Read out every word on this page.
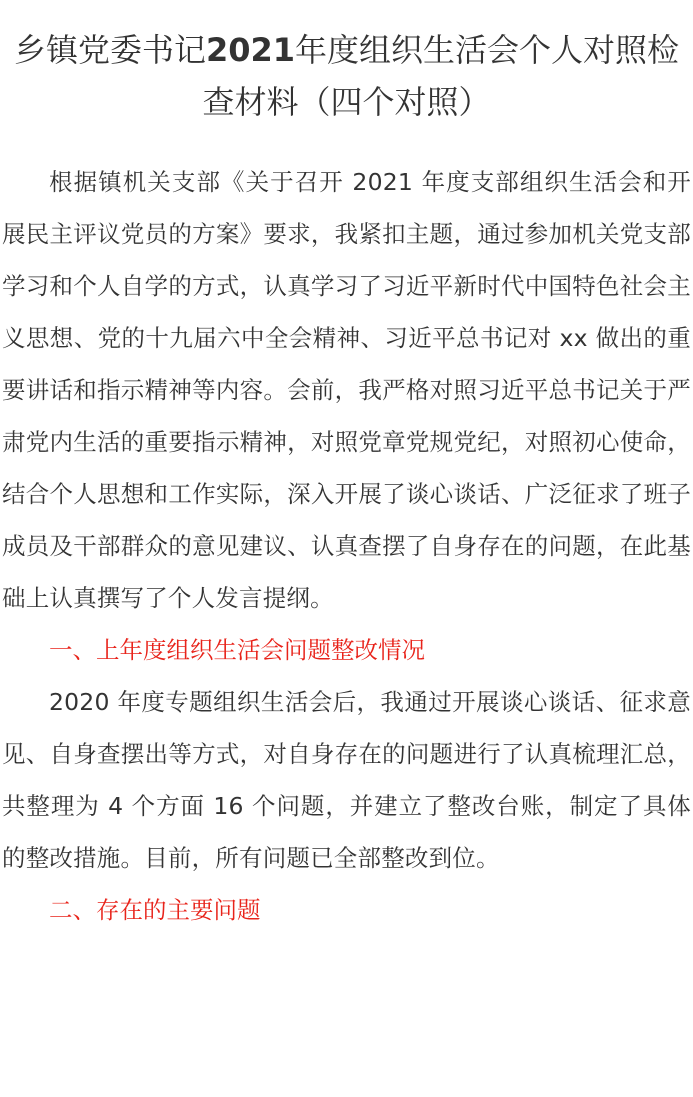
乡镇党委书记2021年度组织生活会个人对照检查材料（四个对照）

根据镇机关支部《关于召开 2021 年度支部组织生活会和开展民主评议党员的方案》要求，我紧扣主题，通过参加机关党支部学习和个人自学的方式，认真学习了习近平新时代中国特色社会主义思想、党的十九届六中全会精神、习近平总书记对 xx 做出的重要讲话和指示精神等内容。会前，我严格对照习近平总书记关于严肃党内生活的重要指示精神，对照党章党规党纪，对照初心使命，结合个人思想和工作实际，深入开展了谈心谈话、广泛征求了班子成员及干部群众的意见建议、认真查摆了自身存在的问题，在此基础上认真撰写了个人发言提纲。

一、上年度组织生活会问题整改情况

2020 年度专题组织生活会后，我通过开展谈心谈话、征求意见、自身查摆出等方式，对自身存在的问题进行了认真梳理汇总，共整理为 4 个方面 16 个问题，并建立了整改台账，制定了具体的整改措施。目前，所有问题已全部整改到位。

二、存在的主要问题
